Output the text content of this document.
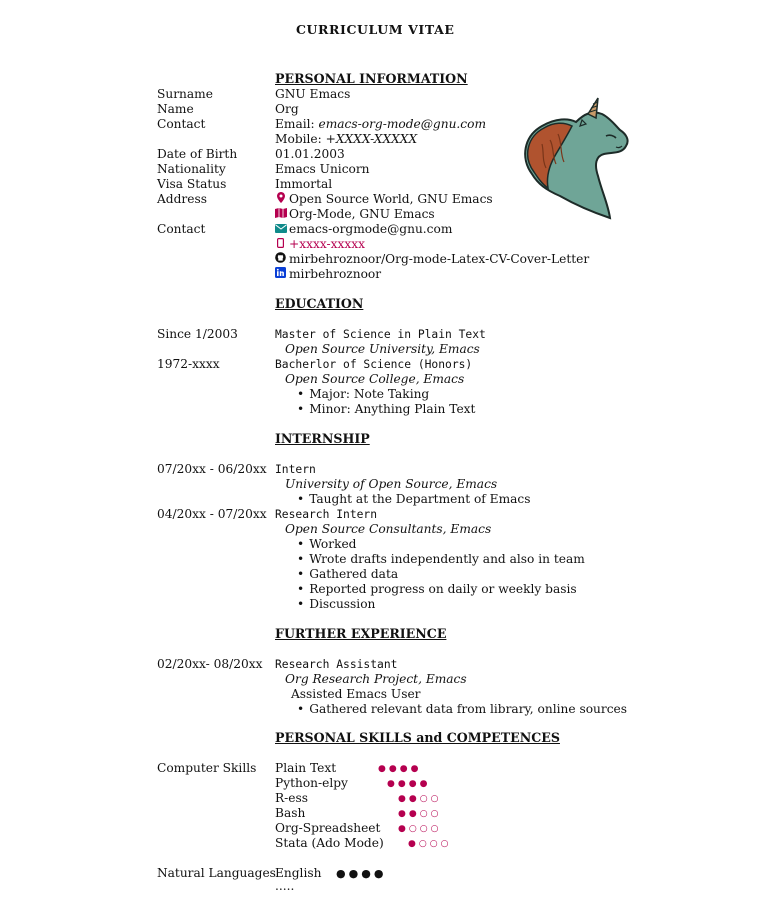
CURRICULUM VITAE
PERSONAL INFORMATION
Surname	GNU Emacs
Name	Org
Contact	Email: emacs-org-mode@gnu.com
Mobile: +XXXX-XXXXX
Date of Birth	01.01.2003
Nationality	Emacs Unicorn
Visa Status	Immortal
Address	Open Source World, GNU Emacs
Org-Mode, GNU Emacs
Contact	emacs-orgmode@gnu.com
+xxxx-xxxxx
mirbehroznoor/Org-mode-Latex-CV-Cover-Letter
mirbehroznoor
EDUCATION
Since 1/2003	Master of Science in Plain Text
Open Source University, Emacs
1972-xxxx	Bacherlor of Science (Honors)
Open Source College, Emacs
• Major: Note Taking
• Minor: Anything Plain Text
INTERNSHIP
07/20xx - 06/20xx Intern
University of Open Source, Emacs
• Taught at the Department of Emacs
04/20xx - 07/20xx Research Intern
Open Source Consultants, Emacs
• Worked
• Wrote drafts independently and also in team
• Gathered data
• Reported progress on daily or weekly basis
• Discussion
FURTHER EXPERIENCE
02/20xx- 08/20xx Research Assistant
Org Research Project, Emacs
Assisted Emacs User
• Gathered relevant data from library, online sources
PERSONAL SKILLS and COMPETENCES
Computer Skills Plain Text	● ● ● ●
Python-elpy	● ● ● ●
R-ess	● ● ○ ○
Bash	● ● ○ ○
Org-Spreadsheet ● ○ ○ ○
Stata (Ado Mode)	● ○ ○ ○
Natural Languages English ● ● ● ●
.....
